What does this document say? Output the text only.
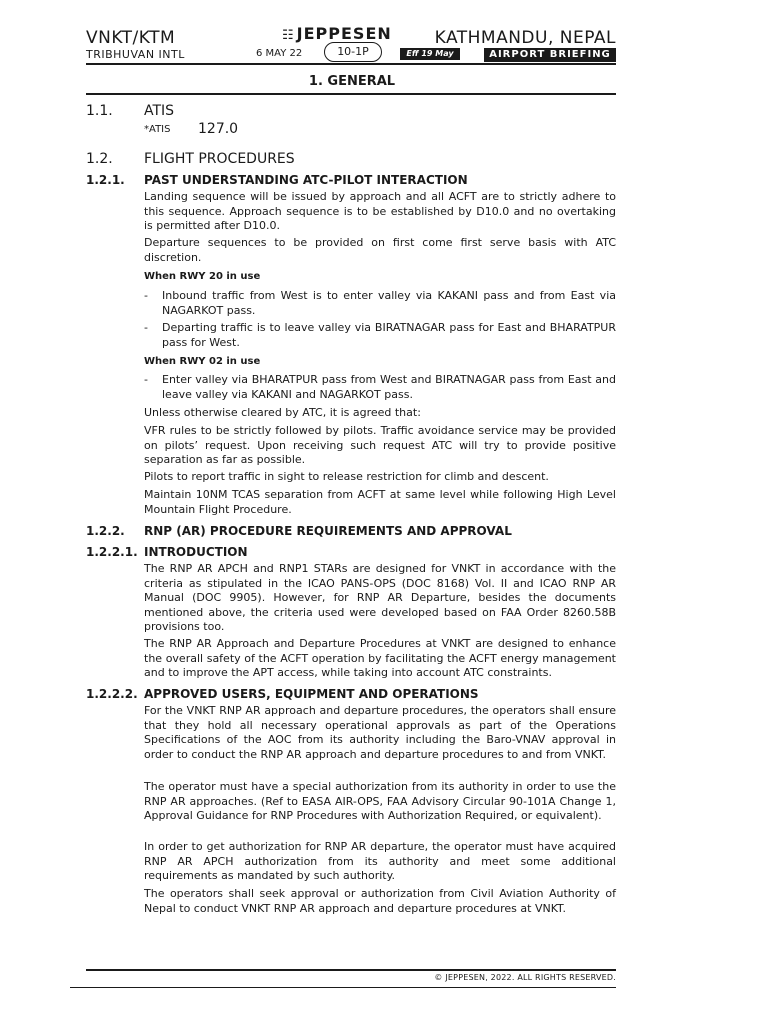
VNKT/KTM
TRIBHUVAN INTL
☷ JEPPESEN
6 MAY 22	10-1P	Eff 19 May
KATHMANDU, NEPAL
AIRPORT BRIEFING
1. GENERAL
1.1. ATIS
*ATIS 127.0
1.2. FLIGHT PROCEDURES
1.2.1. PAST UNDERSTANDING ATC-PILOT INTERACTION

Landing sequence will be issued by approach and all ACFT are to strictly adhere to this sequence. Approach sequence is to be established by D10.0 and no overtaking is permitted after D10.0.

Departure sequences to be provided on first come first serve basis with ATC discretion.

When RWY 20 in use
- Inbound traffic from West is to enter valley via KAKANI pass and from East via NAGARKOT pass.
- Departing traffic is to leave valley via BIRATNAGAR pass for East and BHARATPUR pass for West.
When RWY 02 in use
- Enter valley via BHARATPUR pass from West and BIRATNAGAR pass from East and leave valley via KAKANI and NAGARKOT pass.

Unless otherwise cleared by ATC, it is agreed that:

VFR rules to be strictly followed by pilots. Traffic avoidance service may be provided on pilots’ request. Upon receiving such request ATC will try to provide positive separation as far as possible.

Pilots to report traffic in sight to release restriction for climb and descent.

Maintain 10NM TCAS separation from ACFT at same level while following High Level Mountain Flight Procedure.

1.2.2. RNP (AR) PROCEDURE REQUIREMENTS AND APPROVAL
1.2.2.1. INTRODUCTION

The RNP AR APCH and RNP1 STARs are designed for VNKT in accordance with the criteria as stipulated in the ICAO PANS-OPS (DOC 8168) Vol. II and ICAO RNP AR Manual (DOC 9905). However, for RNP AR Departure, besides the documents mentioned above, the criteria used were developed based on FAA Order 8260.58B provisions too.

The RNP AR Approach and Departure Procedures at VNKT are designed to enhance the overall safety of the ACFT operation by facilitating the ACFT energy management and to improve the APT access, while taking into account ATC constraints.

1.2.2.2. APPROVED USERS, EQUIPMENT AND OPERATIONS

For the VNKT RNP AR approach and departure procedures, the operators shall ensure that they hold all necessary operational approvals as part of the Operations Specifications of the AOC from its authority including the Baro-VNAV approval in order to conduct the RNP AR approach and departure procedures to and from VNKT.

The operator must have a special authorization from its authority in order to use the RNP AR approaches. (Ref to EASA AIR-OPS, FAA Advisory Circular 90-101A Change 1, Approval Guidance for RNP Procedures with Authorization Required, or equivalent).

In order to get authorization for RNP AR departure, the operator must have acquired RNP AR APCH authorization from its authority and meet some additional requirements as mandated by such authority.

The operators shall seek approval or authorization from Civil Aviation Authority of Nepal to conduct VNKT RNP AR approach and departure procedures at VNKT.

© JEPPESEN, 2022. ALL RIGHTS RESERVED.
